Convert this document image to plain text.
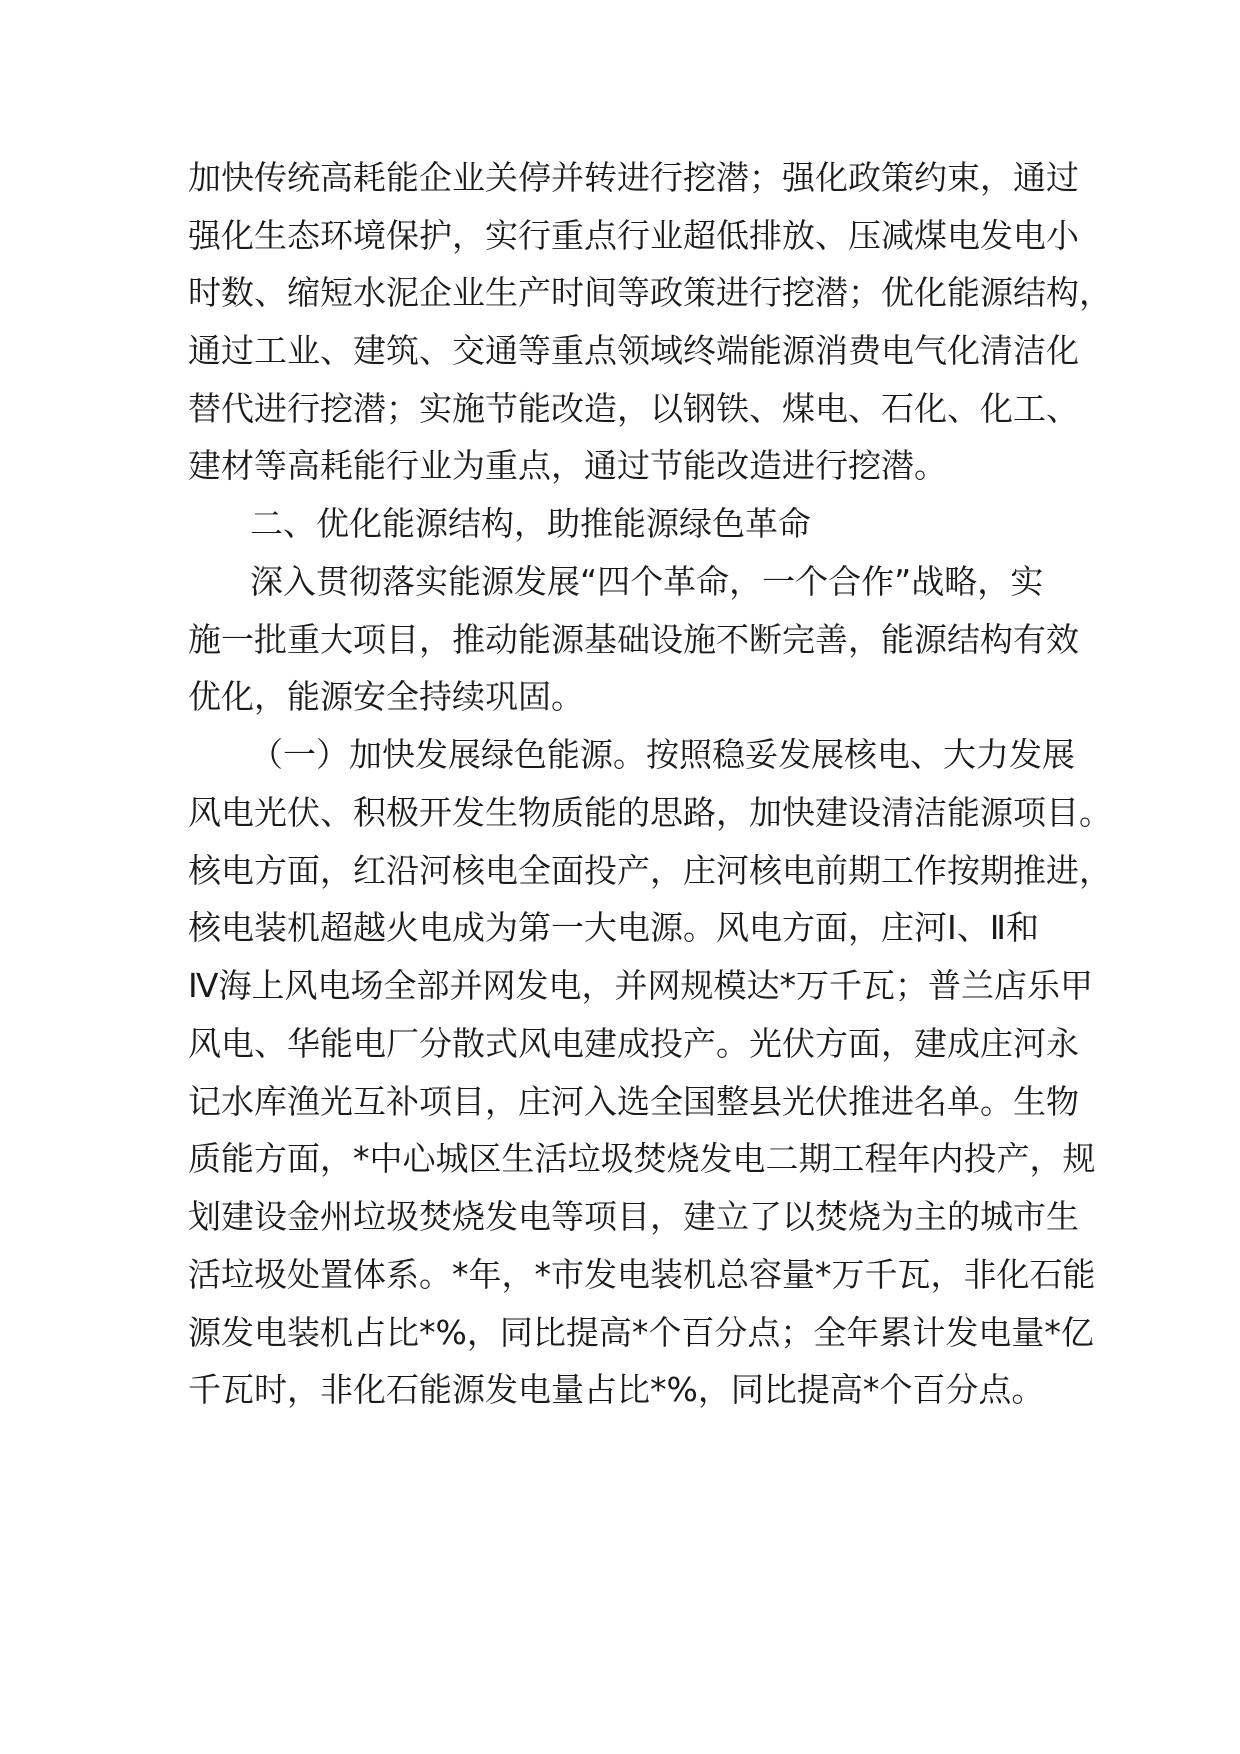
加快传统高耗能企业关停并转进行挖潜；强化政策约束，通过
强化生态环境保护，实行重点行业超低排放、压减煤电发电小
时数、缩短水泥企业生产时间等政策进行挖潜；优化能源结构，
通过工业、建筑、交通等重点领域终端能源消费电气化清洁化
替代进行挖潜；实施节能改造，以钢铁、煤电、石化、化工、
建材等高耗能行业为重点，通过节能改造进行挖潜。
二、优化能源结构，助推能源绿色革命
深入贯彻落实能源发展“四个革命，一个合作”战略，实
施一批重大项目，推动能源基础设施不断完善，能源结构有效
优化，能源安全持续巩固。
（一）加快发展绿色能源。按照稳妥发展核电、大力发展
风电光伏、积极开发生物质能的思路，加快建设清洁能源项目。
核电方面，红沿河核电全面投产，庄河核电前期工作按期推进，
核电装机超越火电成为第一大电源。风电方面，庄河Ⅰ、Ⅱ和
Ⅳ海上风电场全部并网发电，并网规模达*万千瓦；普兰店乐甲
风电、华能电厂分散式风电建成投产。光伏方面，建成庄河永
记水库渔光互补项目，庄河入选全国整县光伏推进名单。生物
质能方面，*中心城区生活垃圾焚烧发电二期工程年内投产，规
划建设金州垃圾焚烧发电等项目，建立了以焚烧为主的城市生
活垃圾处置体系。*年，*市发电装机总容量*万千瓦，非化石能
源发电装机占比*%，同比提高*个百分点；全年累计发电量*亿
千瓦时，非化石能源发电量占比*%，同比提高*个百分点。
